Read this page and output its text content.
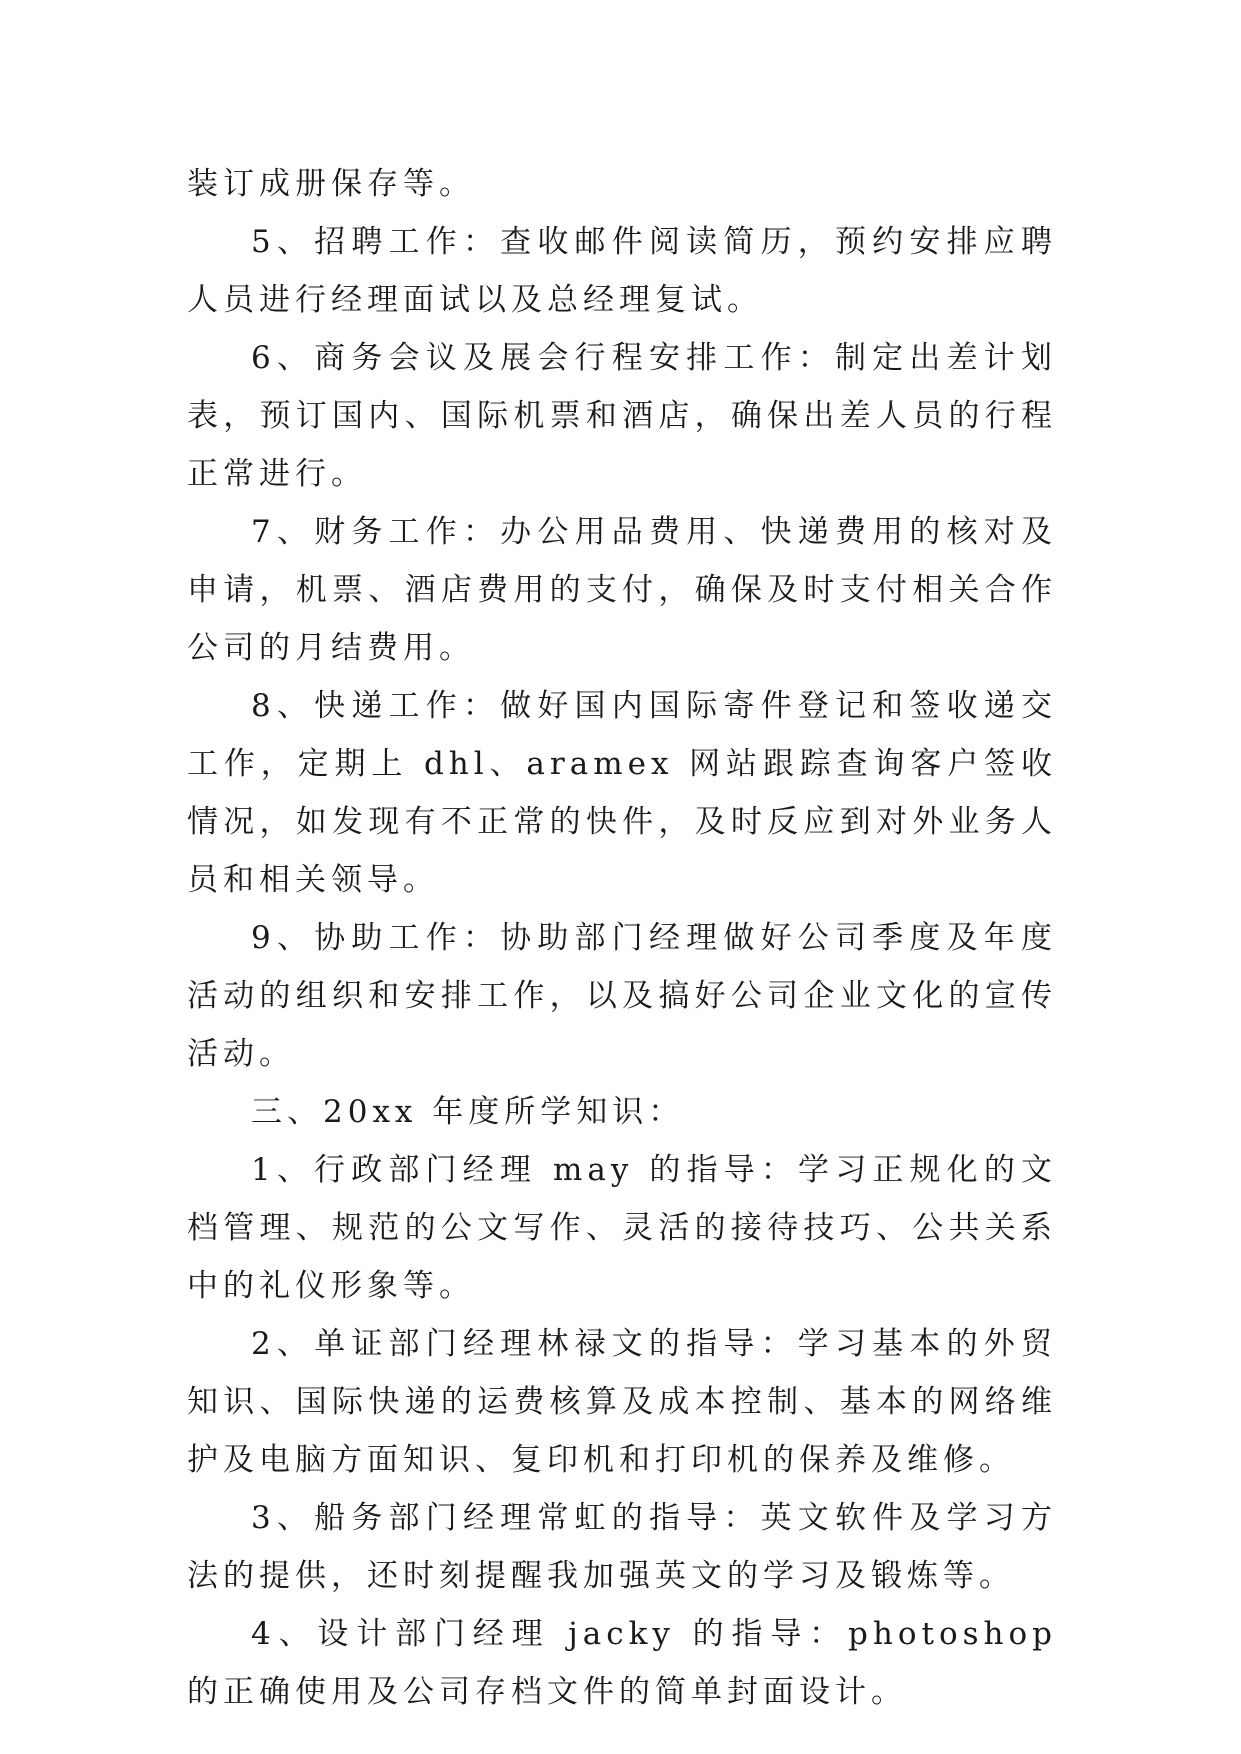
装订成册保存等。

5、招聘工作：查收邮件阅读简历，预约安排应聘人员进行经理面试以及总经理复试。

6、商务会议及展会行程安排工作：制定出差计划表，预订国内、国际机票和酒店，确保出差人员的行程正常进行。

7、财务工作：办公用品费用、快递费用的核对及申请，机票、酒店费用的支付，确保及时支付相关合作公司的月结费用。

8、快递工作：做好国内国际寄件登记和签收递交工作，定期上 dhl、aramex 网站跟踪查询客户签收情况，如发现有不正常的快件，及时反应到对外业务人员和相关领导。

9、协助工作：协助部门经理做好公司季度及年度活动的组织和安排工作，以及搞好公司企业文化的宣传活动。

三、20xx 年度所学知识：

1、行政部门经理 may 的指导：学习正规化的文档管理、规范的公文写作、灵活的接待技巧、公共关系中的礼仪形象等。

2、单证部门经理林禄文的指导：学习基本的外贸知识、国际快递的运费核算及成本控制、基本的网络维护及电脑方面知识、复印机和打印机的保养及维修。

3、船务部门经理常虹的指导：英文软件及学习方法的提供，还时刻提醒我加强英文的学习及锻炼等。

4、设计部门经理 jacky 的指导：photoshop 的正确使用及公司存档文件的简单封面设计。
